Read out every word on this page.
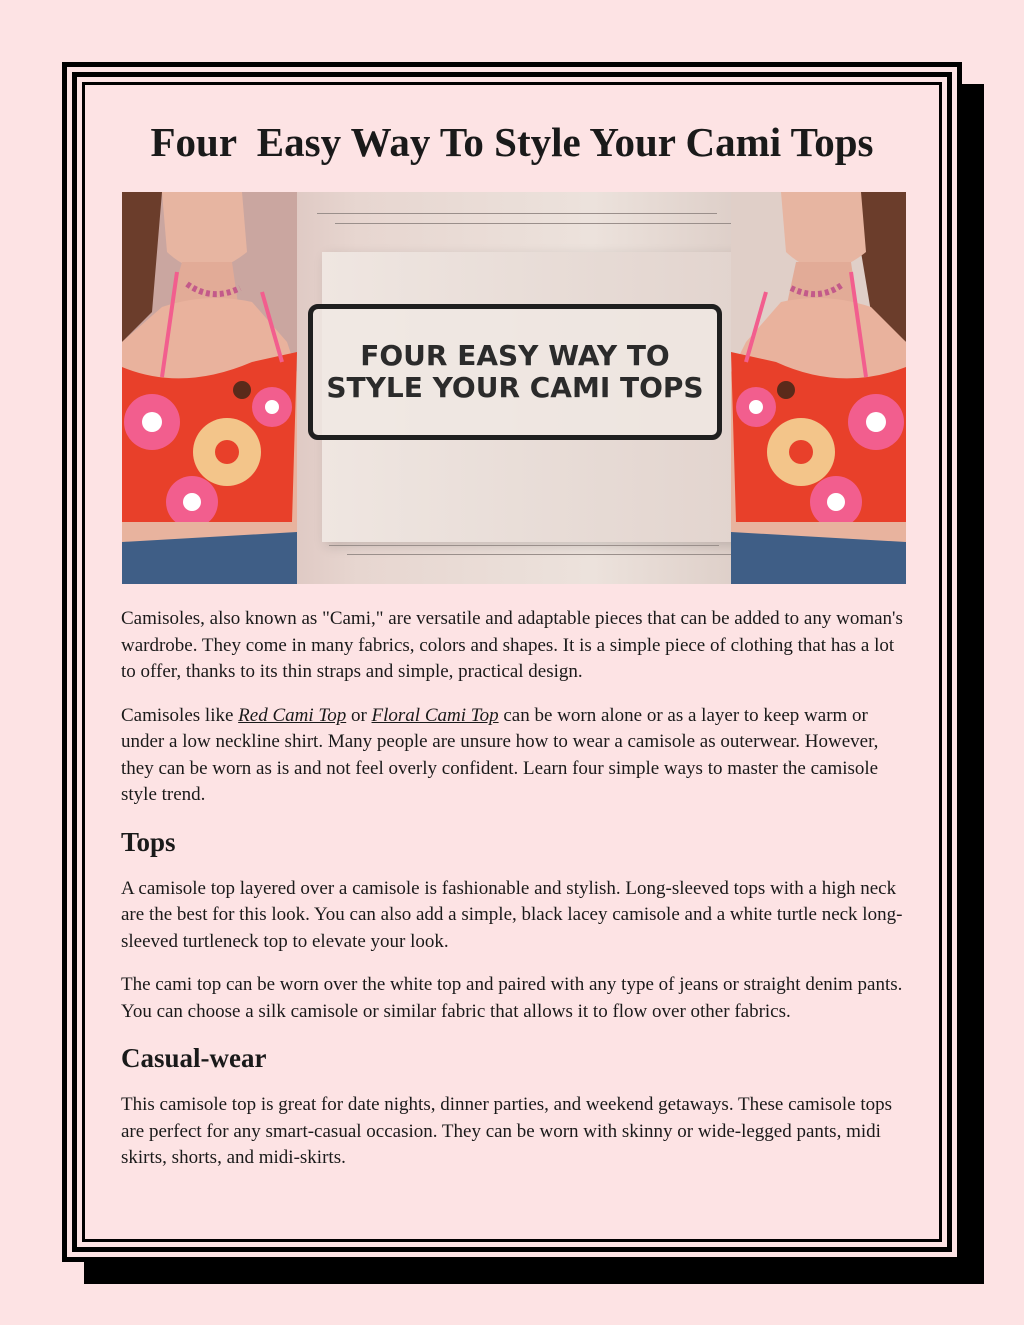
Four  Easy Way To Style Your Cami Tops
FOUR EASY WAY TO
STYLE YOUR CAMI TOPS

Camisoles, also known as "Cami," are versatile and adaptable pieces that can be added to any woman's wardrobe. They come in many fabrics, colors and shapes. It is a simple piece of clothing that has a lot to offer, thanks to its thin straps and simple, practical design.

Camisoles like Red Cami Top or Floral Cami Top can be worn alone or as a layer to keep warm or under a low neckline shirt. Many people are unsure how to wear a camisole as outerwear. However, they can be worn as is and not feel overly confident. Learn four simple ways to master the camisole style trend.

Tops

A camisole top layered over a camisole is fashionable and stylish. Long-sleeved tops with a high neck are the best for this look. You can also add a simple, black lacey camisole and a white turtle neck long-sleeved turtleneck top to elevate your look.

The cami top can be worn over the white top and paired with any type of jeans or straight denim pants. You can choose a silk camisole or similar fabric that allows it to flow over other fabrics.

Casual-wear

This camisole top is great for date nights, dinner parties, and weekend getaways. These camisole tops are perfect for any smart-casual occasion. They can be worn with skinny or wide-legged pants, midi skirts, shorts, and midi-skirts.
